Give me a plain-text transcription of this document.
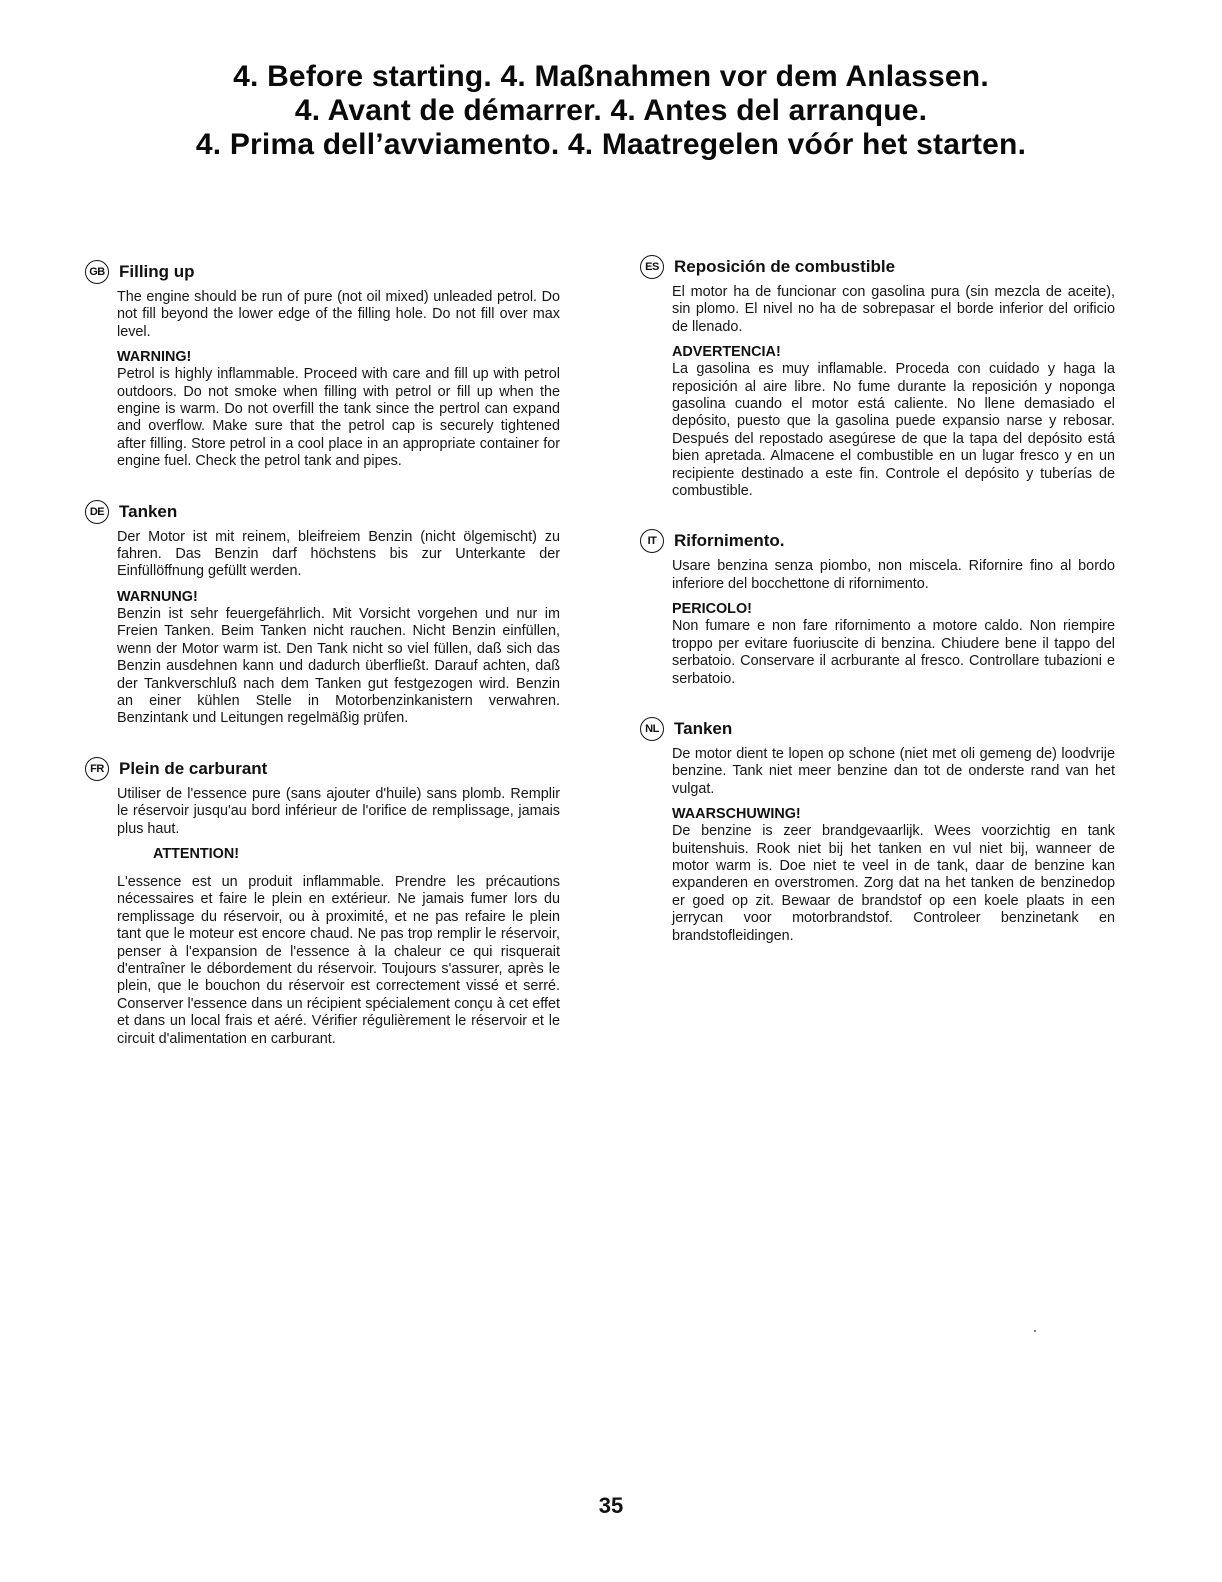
4. Before starting. 4. Maßnahmen vor dem Anlassen.

4. Avant de démarrer. 4. Antes del arranque.

4. Prima dell’avviamento. 4. Maatregelen vóór het starten.

GB Filling up
The engine should be run of pure (not oil mixed) unleaded petrol. Do not fill beyond the lower edge of the filling hole. Do not fill over max level.
WARNING!
Petrol is highly inflammable. Proceed with care and fill up with petrol outdoors. Do not smoke when filling with petrol or fill up when the engine is warm. Do not overfill the tank since the pertrol can expand and overflow. Make sure that the petrol cap is securely tightened after filling. Store petrol in a cool place in an appropriate container for engine fuel. Check the petrol tank and pipes.
DE Tanken
Der Motor ist mit reinem, bleifreiem Benzin (nicht ölgemischt) zu fahren. Das Benzin darf höchstens bis zur Unterkante der Einfüllöffnung gefüllt werden.
WARNUNG!
Benzin ist sehr feuergefährlich. Mit Vorsicht vorgehen und nur im Freien Tanken. Beim Tanken nicht rauchen. Nicht Benzin einfüllen, wenn der Motor warm ist. Den Tank nicht so viel füllen, daß sich das Benzin ausdehnen kann und dadurch überfließt. Darauf achten, daß der Tankverschluß nach dem Tanken gut festgezogen wird. Benzin an einer kühlen Stelle in Motorbenzinkanistern verwahren. Benzintank und Leitungen regelmäßig prüfen.
FR Plein de carburant
Utiliser de l'essence pure (sans ajouter d'huile) sans plomb. Remplir le réservoir jusqu'au bord inférieur de l'orifice de remplissage, jamais plus haut.
ATTENTION!
L'essence est un produit inflammable. Prendre les précautions nécessaires et faire le plein en extérieur. Ne jamais fumer lors du remplissage du réservoir, ou à proximité, et ne pas refaire le plein tant que le moteur est encore chaud. Ne pas trop remplir le réservoir, penser à l'expansion de l'essence à la chaleur ce qui risquerait d'entraîner le débordement du réservoir. Toujours s'assurer, après le plein, que le bouchon du réservoir est correctement vissé et serré. Conserver l'essence dans un récipient spécialement conçu à cet effet et dans un local frais et aéré. Vérifier régulièrement le réservoir et le circuit d'alimentation en carburant.
ES Reposición de combustible
El motor ha de funcionar con gasolina pura (sin mezcla de aceite), sin plomo. El nivel no ha de sobrepasar el borde inferior del orificio de llenado.
ADVERTENCIA!
La gasolina es muy inflamable. Proceda con cuidado y haga la reposición al aire libre. No fume durante la reposición y noponga gasolina cuando el motor está caliente. No llene demasiado el depósito, puesto que la gasolina puede expansio narse y rebosar. Después del repostado asegúrese de que la tapa del depósito está bien apretada. Almacene el combustible en un lugar fresco y en un recipiente destinado a este fin. Controle el depósito y tuberías de combustible.
IT	Rifornimento.
Usare benzina senza piombo, non miscela. Rifornire fino al bordo inferiore del bocchettone di rifornimento.
PERICOLO!
Non fumare e non fare rifornimento a motore caldo. Non riempire troppo per evitare fuoriuscite di benzina. Chiudere bene il tappo del serbatoio. Conservare il acrburante al fresco. Controllare tubazioni e serbatoio.
NL Tanken
De motor dient te lopen op schone (niet met oli gemeng de) loodvrije benzine. Tank niet meer benzine dan tot de onderste rand van het vulgat.
WAARSCHUWING!
De benzine is zeer brandgevaarlijk. Wees voorzichtig en tank buitenshuis. Rook niet bij het tanken en vul niet bij, wanneer de motor warm is. Doe niet te veel in de tank, daar de benzine kan expanderen en overstromen. Zorg dat na het tanken de benzinedop er goed op zit. Bewaar de brandstof op een koele plaats in een jerrycan voor motorbrandstof. Controleer benzinetank en brandstofleidingen.
35
